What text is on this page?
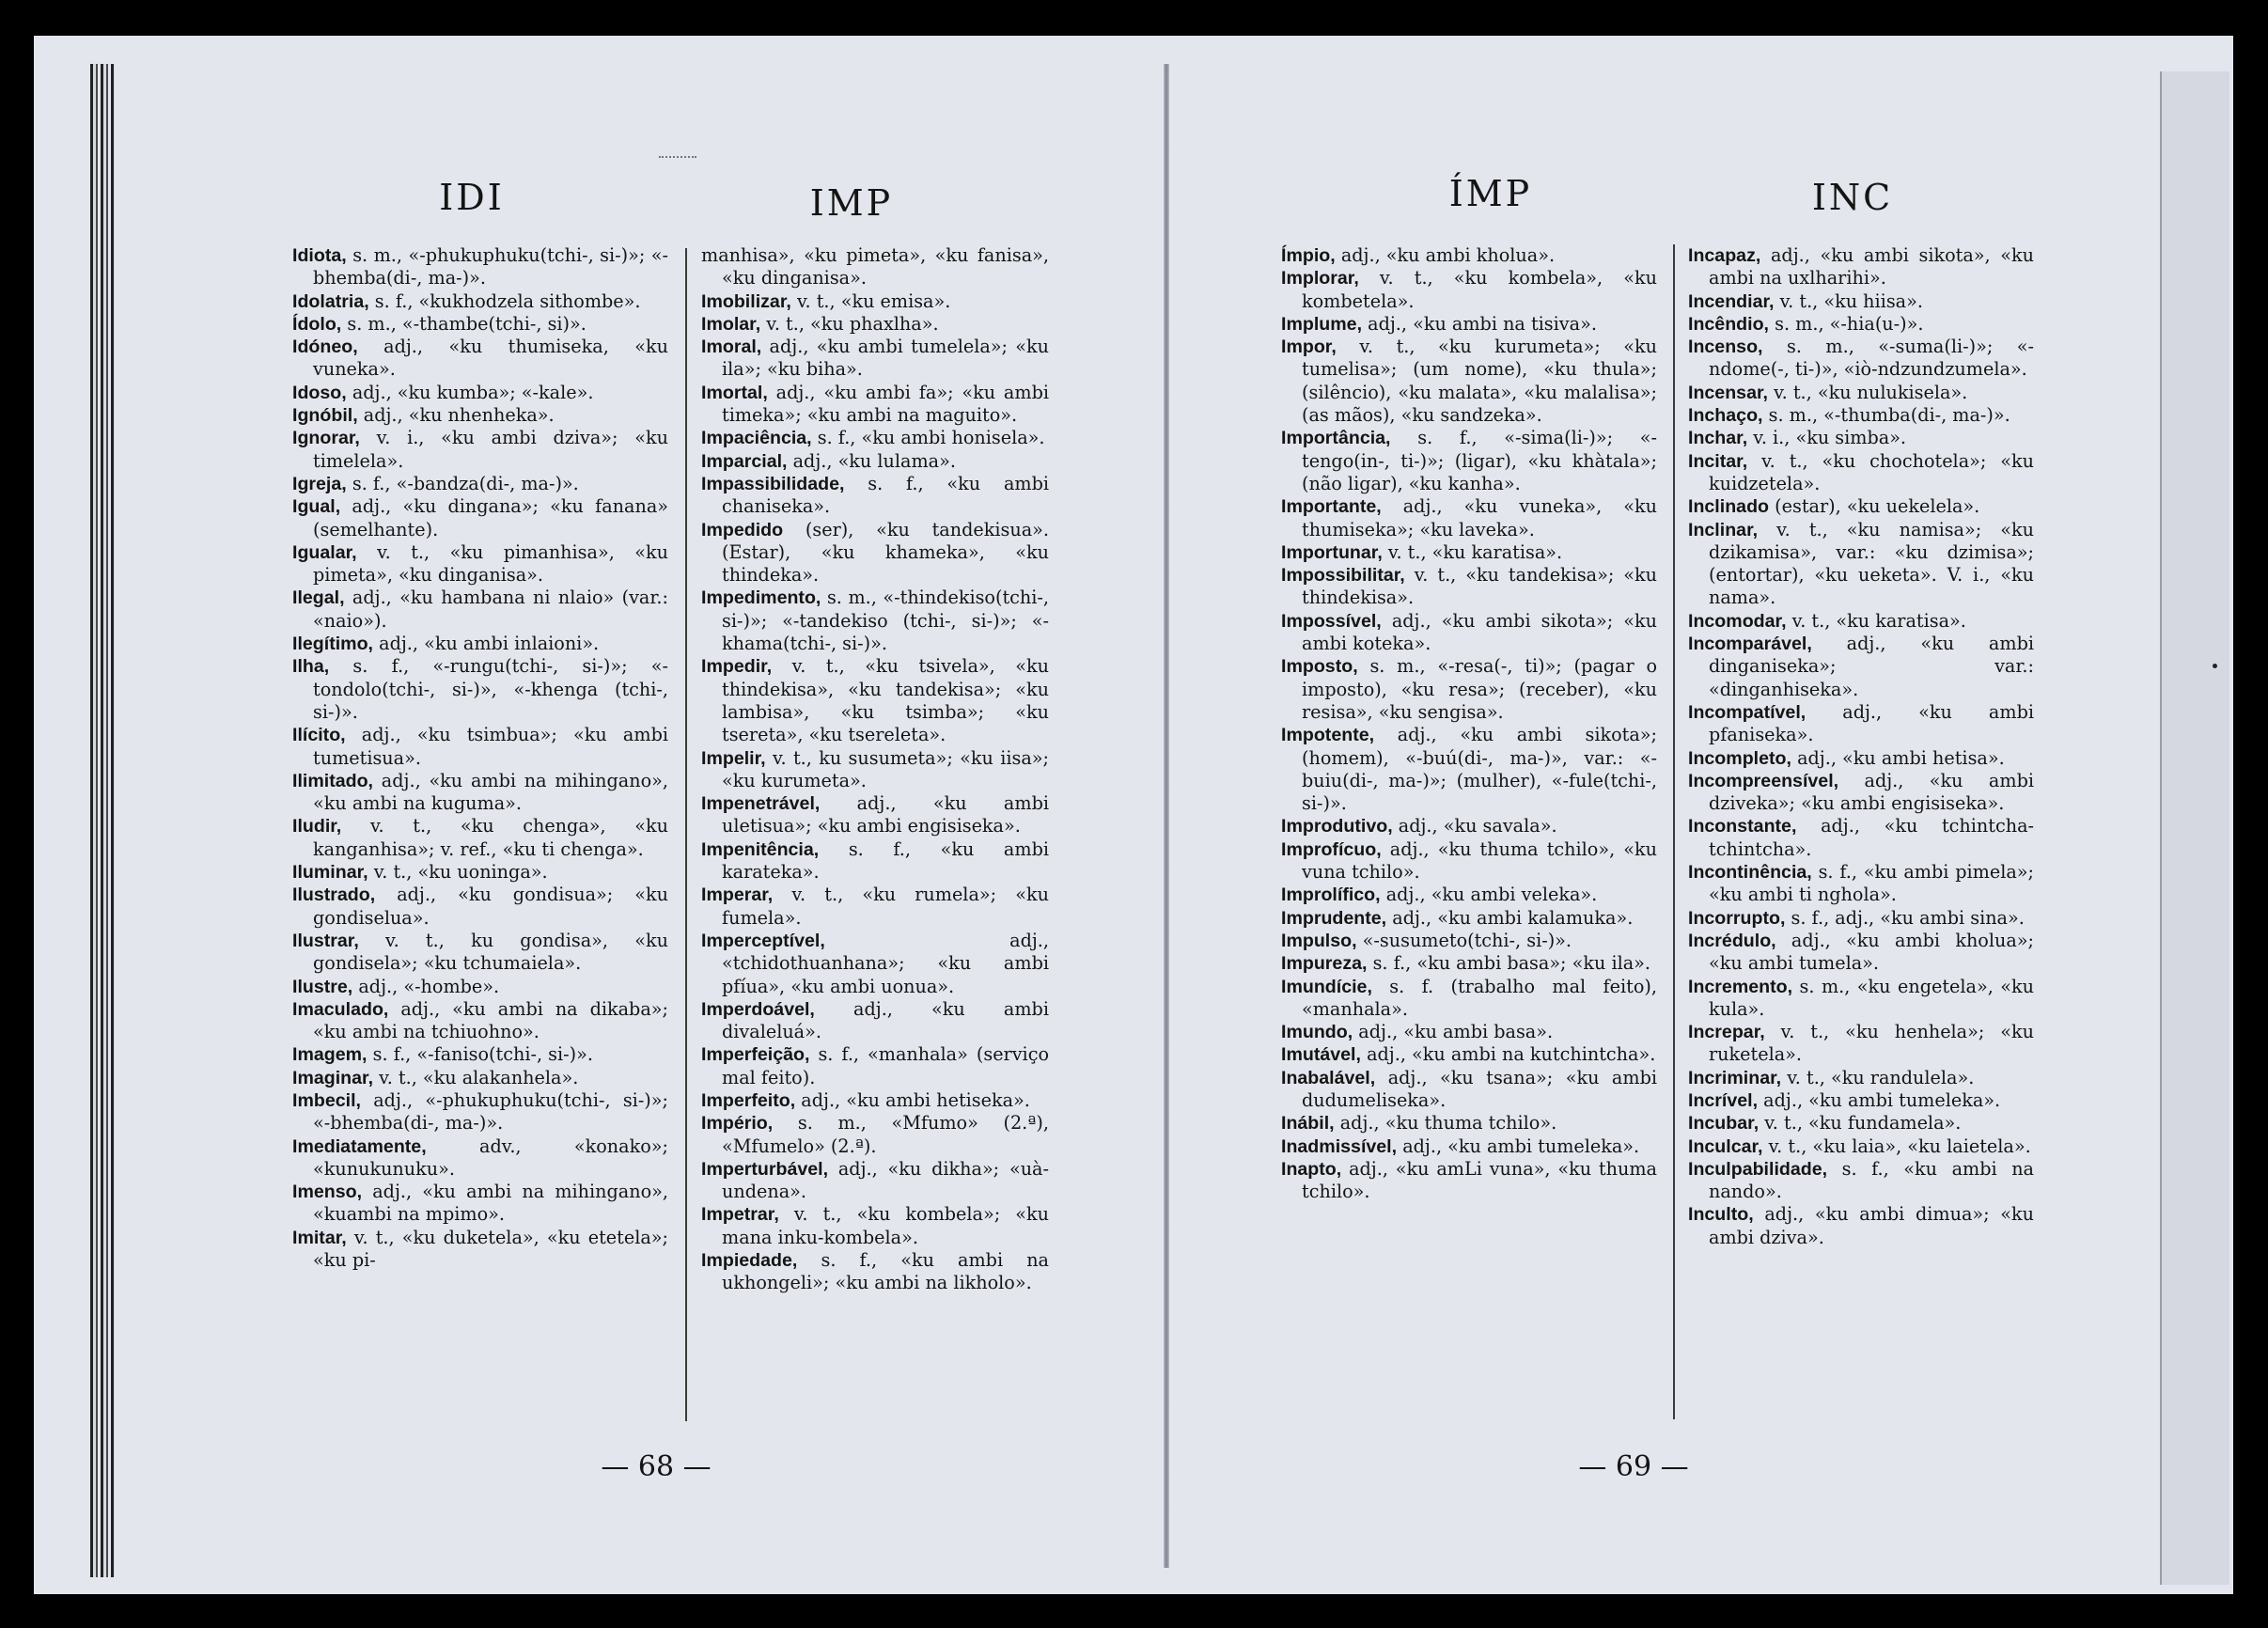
IDI	IMP	ÍMP	INC

Idiota, s. m., «-phukuphuku(tchi-, si-)»; «-bhemba(di-, ma-)».

Idolatria, s. f., «kukhodzela sithombe».

Ídolo, s. m., «-thambe(tchi-, si)».

Idóneo, adj., «ku thumiseka, «ku vuneka».

Idoso, adj., «ku kumba»; «-kale».

Ignóbil, adj., «ku nhenheka».

Ignorar, v. i., «ku ambi dziva»; «ku timelela».

Igreja, s. f., «-bandza(di-, ma-)».

Igual, adj., «ku dingana»; «ku fanana» (semelhante).

Igualar, v. t., «ku pimanhisa», «ku pimeta», «ku dinganisa».

Ilegal, adj., «ku hambana ni nlaio» (var.: «naio»).

Ilegítimo, adj., «ku ambi inlaioni».

Ilha, s. f., «-rungu(tchi-, si-)»; «-tondolo(tchi-, si-)», «-khenga (tchi-, si-)».

Ilícito, adj., «ku tsimbua»; «ku ambi tumetisua».

Ilimitado, adj., «ku ambi na mihingano», «ku ambi na kuguma».

Iludir, v. t., «ku chenga», «ku kanganhisa»; v. ref., «ku ti chenga».

Iluminar, v. t., «ku uoninga».

Ilustrado, adj., «ku gondisua»; «ku gondiselua».

Ilustrar, v. t., ku gondisa», «ku gondisela»; «ku tchumaiela».

Ilustre, adj., «-hombe».

Imaculado, adj., «ku ambi na dikaba»; «ku ambi na tchiuohno».

Imagem, s. f., «-faniso(tchi-, si-)».

Imaginar, v. t., «ku alakanhela».

Imbecil, adj., «-phukuphuku(tchi-, si-)»; «-bhemba(di-, ma-)».

Imediatamente,	adv., «konako»; «kunukunuku».

Imenso, adj., «ku ambi na mihingano», «kuambi na mpimo».

Imitar, v. t., «ku duketela», «ku etetela»; «ku pi-

manhisa», «ku pimeta», «ku fanisa», «ku dinganisa».

Imobilizar, v. t., «ku emisa».

Imolar, v. t., «ku phaxlha».

Imoral, adj., «ku ambi tumelela»; «ku ila»; «ku biha».

Imortal, adj., «ku ambi fa»; «ku ambi timeka»; «ku ambi na maguito».

Impaciência, s. f., «ku ambi honisela».

Imparcial, adj., «ku lulama».

Impassibilidade, s. f., «ku ambi chaniseka».

Impedido (ser), «ku tandekisua». (Estar), «ku khameka», «ku thindeka».

Impedimento, s. m., «-thindekiso(tchi-, si-)»; «-tandekiso (tchi-, si-)»; «-khama(tchi-, si-)».

Impedir, v. t., «ku tsivela», «ku thindekisa», «ku tandekisa»; «ku lambisa», «ku tsimba»; «ku tsereta», «ku tsereleta».

Impelir, v. t., ku susumeta»; «ku iisa»; «ku kurumeta».

Impenetrável, adj., «ku ambi uletisua»; «ku ambi engisiseka».

Impenitência, s. f., «ku ambi karateka».

Imperar, v. t., «ku rumela»; «ku fumela».

Imperceptível,	adj., «tchidothuanhana»; «ku ambi pfíua», «ku ambi uonua».

Imperdoável, adj., «ku ambi divaleluá».

Imperfeição, s. f., «manhala» (serviço mal feito).

Imperfeito, adj., «ku ambi hetiseka».

Império, s. m., «Mfumo» (2.ª), «Mfumelo» (2.ª).

Imperturbável, adj., «ku dikha»; «uà-undena».

Impetrar, v. t., «ku kombela»; «ku mana inku-kombela».

Impiedade, s. f., «ku ambi na ukhongeli»; «ku ambi na likholo».

Ímpio, adj., «ku ambi kholua».

Implorar, v. t., «ku kombela», «ku kombetela».

Implume, adj., «ku ambi na tisiva».

Impor, v. t., «ku kurumeta»; «ku tumelisa»; (um nome), «ku thula»; (silêncio), «ku malata», «ku malalisa»; (as mãos), «ku sandzeka».

Importância, s. f., «-sima(li-)»; «-tengo(in-, ti-)»; (ligar), «ku khàtala»; (não ligar), «ku kanha».

Importante, adj., «ku vuneka», «ku thumiseka»; «ku laveka».

Importunar, v. t., «ku karatisa».

Impossibilitar, v. t., «ku tandekisa»; «ku thindekisa».

Impossível, adj., «ku ambi sikota»; «ku ambi koteka».

Imposto, s. m., «-resa(-, ti)»; (pagar o imposto), «ku resa»; (receber), «ku resisa», «ku sengisa».

Impotente, adj., «ku ambi sikota»; (homem), «-buú(di-, ma-)», var.: «-buiu(di-, ma-)»; (mulher), «-fule(tchi-, si-)».

Improdutivo, adj., «ku savala».

Improfícuo, adj., «ku thuma tchilo», «ku vuna tchilo».

Improlífico, adj., «ku ambi veleka».

Imprudente, adj., «ku ambi kalamuka».

Impulso, «-susumeto(tchi-, si-)».

Impureza, s. f., «ku ambi basa»; «ku ila».

Imundície, s. f. (trabalho mal feito), «manhala».

Imundo, adj., «ku ambi basa».

Imutável, adj., «ku ambi na kutchintcha».

Inabalável, adj., «ku tsana»; «ku ambi dudumeliseka».

Inábil, adj., «ku thuma tchilo».

Inadmissível, adj., «ku ambi tumeleka».

Inapto, adj., «ku amLi vuna», «ku thuma tchilo».

Incapaz, adj., «ku ambi sikota», «ku ambi na uxlharihi».

Incendiar, v. t., «ku hiisa».

Incêndio, s. m., «-hia(u-)».

Incenso, s. m., «-suma(li-)»; «-ndome(-, ti-)», «iò-ndzundzumela».

Incensar, v. t., «ku nulukisela».

Inchaço, s. m., «-thumba(di-, ma-)».

Inchar, v. i., «ku simba».

Incitar, v. t., «ku chochotela»; «ku kuidzetela».

Inclinado (estar), «ku uekelela».

Inclinar, v. t., «ku namisa»; «ku dzikamisa», var.: «ku dzimisa»; (entortar), «ku ueketa». V. i., «ku nama».

Incomodar, v. t., «ku karatisa».

Incomparável, adj., «ku ambi dinganiseka»; var.: «dinganhiseka».

Incompatível, adj., «ku ambi pfaniseka».

Incompleto, adj., «ku ambi hetisa».

Incompreensível, adj., «ku ambi dziveka»; «ku ambi engisiseka».

Inconstante, adj., «ku tchintcha-tchintcha».

Incontinência, s. f., «ku ambi pimela»; «ku ambi ti nghola».

Incorrupto, s. f., adj., «ku ambi sina».

Incrédulo, adj., «ku ambi kholua»; «ku ambi tumela».

Incremento, s. m., «ku engetela», «ku kula».

Increpar, v. t., «ku henhela»; «ku ruketela».

Incriminar, v. t., «ku randulela».

Incrível, adj., «ku ambi tumeleka».

Incubar, v. t., «ku fundamela».

Inculcar, v. t., «ku laia», «ku laietela».

Inculpabilidade, s. f., «ku ambi na nando».

Inculto, adj., «ku ambi dimua»; «ku ambi dziva».

— 68 —	— 69 —
